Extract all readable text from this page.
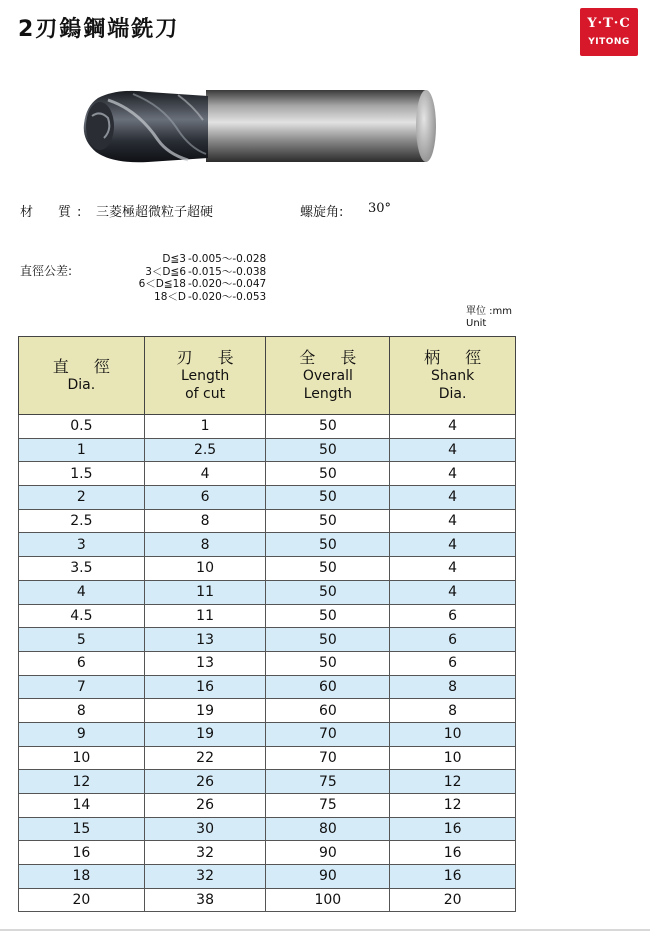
2刃鎢鋼端銑刀	Y·T·C
YITONG
材　質: 三菱極超微粒子超硬	螺旋角: 30°
直徑公差:
D≦3 -0.005～-0.028
3＜D≦6 -0.015～-0.038
6＜D≦18 -0.020～-0.047
18＜D -0.020～-0.053
單位 :mm
Unit
直 徑
Dia.	刃 長
Length
of cut	全 長
Overall
Length	柄 徑
Shank
Dia.

0.5	1	50	4
1	2.5	50	4
1.5	4	50	4
2	6	50	4
2.5	8	50	4
3	8	50	4
3.5	10	50	4
4	11	50	4
4.5	11	50	6
5	13	50	6
6	13	50	6
7	16	60	8
8	19	60	8
9	19	70	10
10	22	70	10
12	26	75	12
14	26	75	12
15	30	80	16
16	32	90	16
18	32	90	16
20	38	100	20
